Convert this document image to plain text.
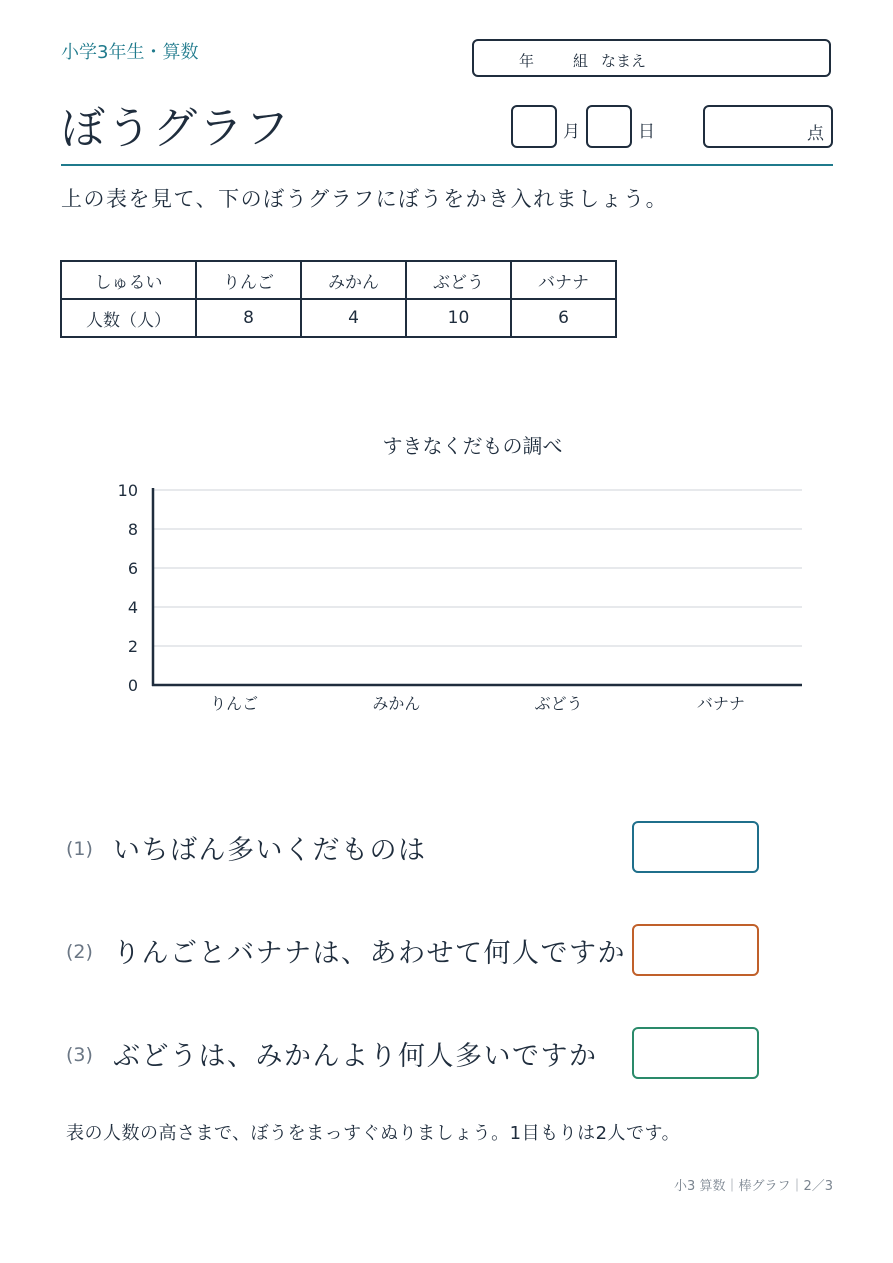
小学3年生・算数	年	組 なまえ
ぼうグラフ	月	日	点
上の表を見て、下のぼうグラフにぼうをかき入れましょう。
しゅるい	りんご	みかん	ぶどう	バナナ
人数（人）	8	4	10	6
すきなくだもの調べ
0
2
4
6
8
10
りんご	みかん	ぶどう	バナナ
(1) いちばん多いくだものは
(2) りんごとバナナは、あわせて何人ですか
(3) ぶどうは、みかんより何人多いですか
表の人数の高さまで、ぼうをまっすぐぬりましょう。1目もりは2人です。
小3 算数｜棒グラフ｜2／3
